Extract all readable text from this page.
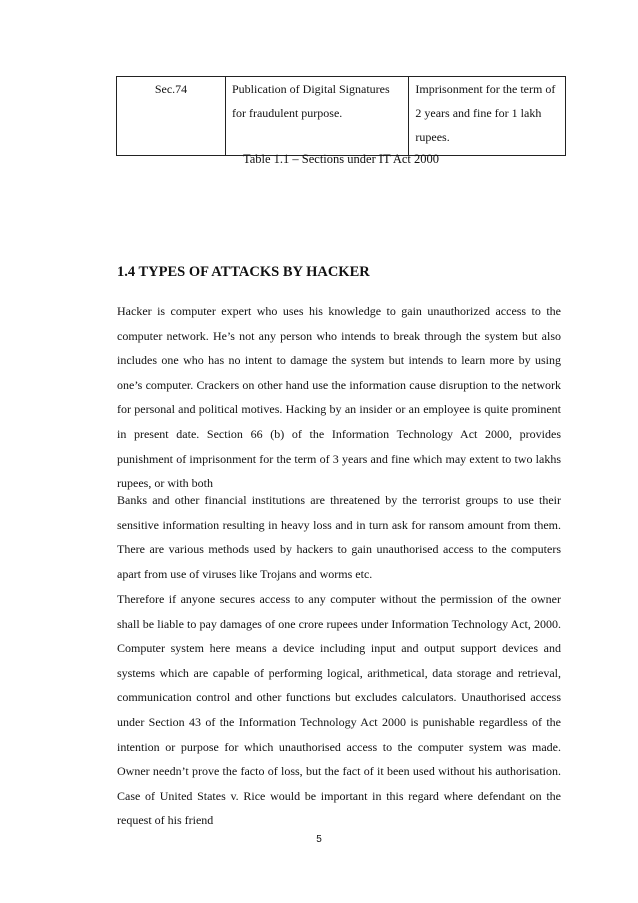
Sec.74	Publication of Digital Signatures for fraudulent purpose.	Imprisonment for the term of 2 years and fine for 1 lakh rupees.
Table 1.1 – Sections under IT Act 2000
1.4 TYPES OF ATTACKS BY HACKER

Hacker is computer expert who uses his knowledge to gain unauthorized access to the computer network. He’s not any person who intends to break through the system but also includes one who has no intent to damage the system but intends to learn more by using one’s computer. Crackers on other hand use the information cause disruption to the network for personal and political motives. Hacking by an insider or an employee is quite prominent in present date. Section 66 (b) of the Information Technology Act 2000, provides punishment of imprisonment for the term of 3 years and fine which may extent to two lakhs rupees, or with both

Banks and other financial institutions are threatened by the terrorist groups to use their sensitive information resulting in heavy loss and in turn ask for ransom amount from them. There are various methods used by hackers to gain unauthorised access to the computers apart from use of viruses like Trojans and worms etc.

Therefore if anyone secures access to any computer without the permission of the owner shall be liable to pay damages of one crore rupees under Information Technology Act, 2000. Computer system here means a device including input and output support devices and systems which are capable of performing logical, arithmetical, data storage and retrieval, communication control and other functions but excludes calculators. Unauthorised access under Section 43 of the Information Technology Act 2000 is punishable regardless of the intention or purpose for which unauthorised access to the computer system was made. Owner needn’t prove the facto of loss, but the fact of it been used without his authorisation. Case of United States v. Rice would be important in this regard where defendant on the request of his friend

5
